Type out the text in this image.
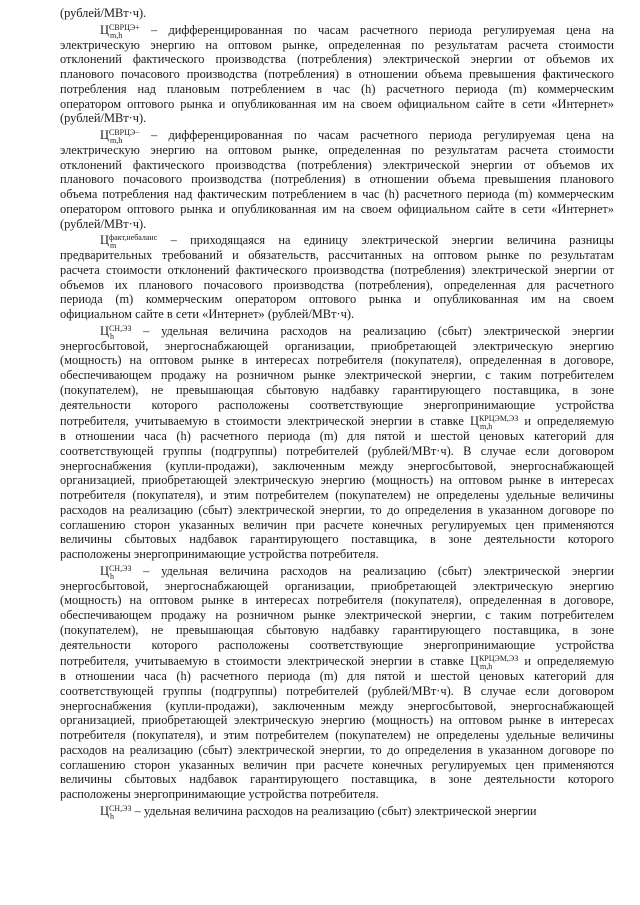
(рублей/МВт·ч).
$Ц^{СВРЦЭ+}$
m,h – дифференцированная по часам расчетного периода регулируемая цена на
электрическую энергию на оптовом рынке, определенная по результатам расчета стоимости
отклонений фактического производства (потребления) электрической энергии от объемов их
планового почасового производства (потребления) в отношении объема превышения фактического
потребления над плановым потреблением в час (h) расчетного периода (m) коммерческим
оператором оптового рынка и опубликованная им на своем официальном сайте в сети «Интернет»
(рублей/МВт·ч).
$Ц^{СВРЦЭ-}$
m,h – дифференцированная по часам расчетного периода регулируемая цена на
электрическую энергию на оптовом рынке, определенная по результатам расчета стоимости
отклонений фактического производства (потребления) электрической энергии от объемов их
планового почасового производства (потребления) в отношении объема превышения планового
объема потребления над фактическим потреблением в час (h) расчетного периода (m) коммерческим
оператором оптового рынка и опубликованная им на своем официальном сайте в сети «Интернет»
(рублей/МВт·ч).
$Ц^{факт,небаланс}$
m	– приходящаяся на единицу электрической энергии величина разницы
предварительных требований и обязательств, рассчитанных на оптовом рынке по результатам
расчета стоимости отклонений фактического производства (потребления) электрической энергии от
объемов их планового почасового производства (потребления), определенная для расчетного
периода (m) коммерческим оператором оптового рынка и опубликованная им на своем
официальном сайте в сети «Интернет» (рублей/МВт·ч).
$Ц^{СН,ЭЗ}$
h – удельная величина расходов на реализацию (сбыт) электрической энергии
энергосбытовой, энергоснабжающей организации, приобретающей электрическую энергию
(мощность) на оптовом рынке в интересах потребителя (покупателя), определенная в договоре,
обеспечивающем продажу на розничном рынке электрической энергии, с таким потребителем
(покупателем), не превышающая сбытовую надбавку гарантирующего поставщика, в зоне
деятельности которого расположены соответствующие энергопринимающие устройства
потребителя, учитываемую в стоимости электрической энергии в ставке $Ц^{КРЦЭМ,ЭЗ}$
m,h и определяемую
в отношении часа (h) расчетного периода (m) для пятой и шестой ценовых категорий для
соответствующей группы (подгруппы) потребителей (рублей/МВт·ч). В случае если договором
энергоснабжения (купли-продажи), заключенным между энергосбытовой, энергоснабжающей
организацией, приобретающей электрическую энергию (мощность) на оптовом рынке в интересах
потребителя (покупателя), и этим потребителем (покупателем) не определены удельные величины
расходов на реализацию (сбыт) электрической энергии, то до определения в указанном договоре по
соглашению сторон указанных величин при расчете конечных регулируемых цен применяются
величины сбытовых надбавок гарантирующего поставщика, в зоне деятельности которого
расположены энергопринимающие устройства потребителя.
$Ц^{СН,ЭЗ}$
h – удельная величина расходов на реализацию (сбыт) электрической энергии
энергосбытовой, энергоснабжающей организации, приобретающей электрическую энергию
(мощность) на оптовом рынке в интересах потребителя (покупателя), определенная в договоре,
обеспечивающем продажу на розничном рынке электрической энергии, с таким потребителем
(покупателем), не превышающая сбытовую надбавку гарантирующего поставщика, в зоне
деятельности которого расположены соответствующие энергопринимающие устройства
потребителя, учитываемую в стоимости электрической энергии в ставке $Ц^{КРЦЭМ,ЭЗ}$
m,h и определяемую
в отношении часа (h) расчетного периода (m) для пятой и шестой ценовых категорий для
соответствующей группы (подгруппы) потребителей (рублей/МВт·ч). В случае если договором
энергоснабжения (купли-продажи), заключенным между энергосбытовой, энергоснабжающей
организацией, приобретающей электрическую энергию (мощность) на оптовом рынке в интересах
потребителя (покупателя), и этим потребителем (покупателем) не определены удельные величины
расходов на реализацию (сбыт) электрической энергии, то до определения в указанном договоре по
соглашению сторон указанных величин при расчете конечных регулируемых цен применяются
величины сбытовых надбавок гарантирующего поставщика, в зоне деятельности которого
расположены энергопринимающие устройства потребителя.
$Ц^{СН,ЭЗ}$
h – удельная величина расходов на реализацию (сбыт) электрической энергии
